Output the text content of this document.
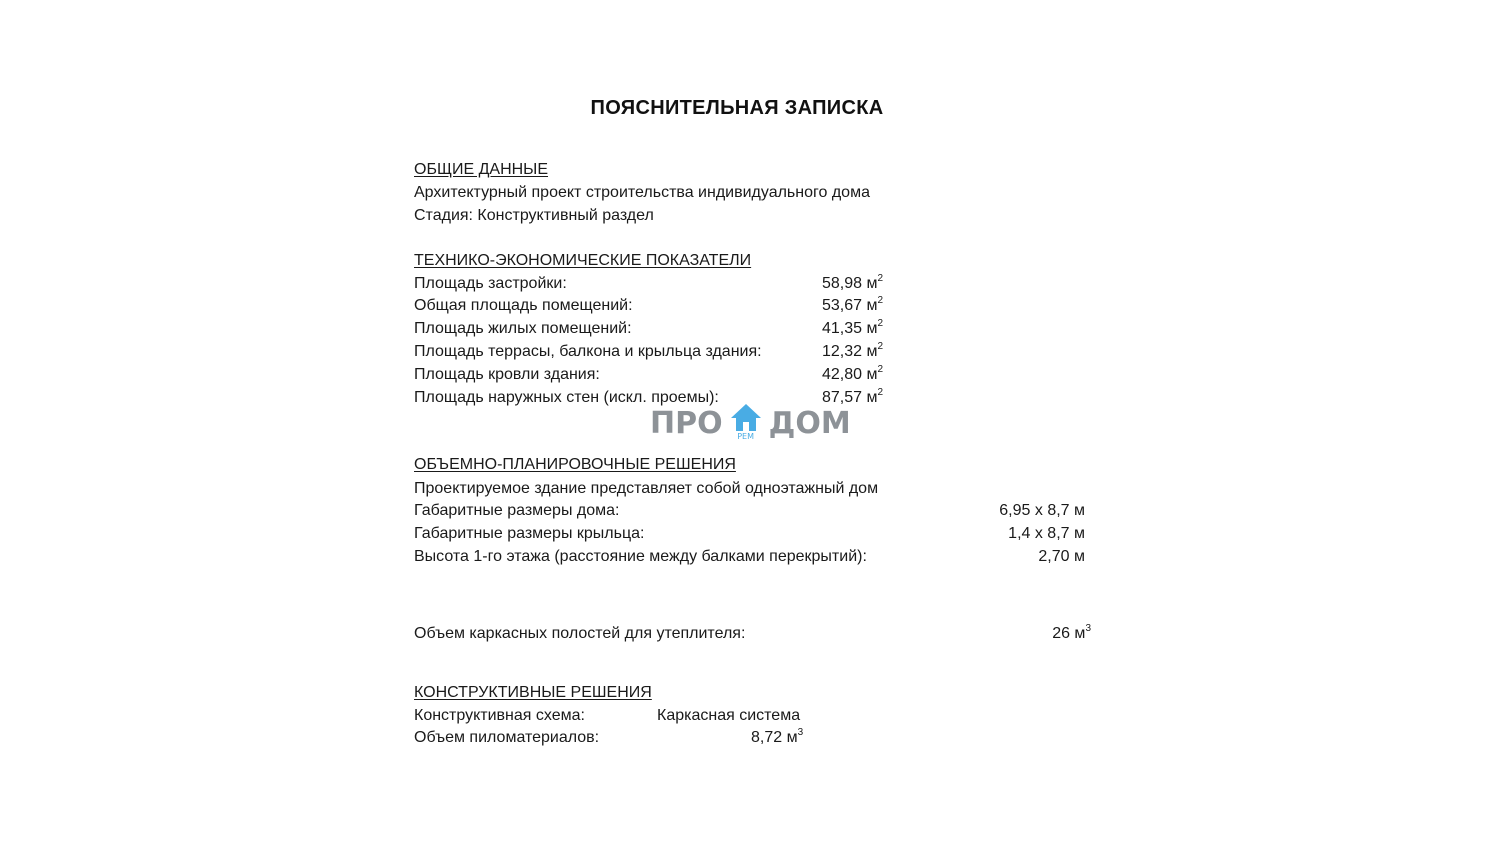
ПОЯСНИТЕЛЬНАЯ ЗАПИСКА
ОБЩИЕ ДАННЫЕ
Архитектурный проект строительства индивидуального дома
Стадия: Конструктивный раздел
ТЕХНИКО-ЭКОНОМИЧЕСКИЕ ПОКАЗАТЕЛИ
Площадь застройки:	58,98 $м^2$
Общая площадь помещений:	53,67 $м^2$
Площадь жилых помещений:	41,35 $м^2$
Площадь террасы, балкона и крыльца здания:	12,32 $м^2$
Площадь кровли здания:	42,80 $м^2$
Площадь наружных стен (искл. проемы):	87,57 $м^2$
ПРО	РЕМ ДОМ
ОБЪЕМНО-ПЛАНИРОВОЧНЫЕ РЕШЕНИЯ
Проектируемое здание представляет собой одноэтажный дом
Габаритные размеры дома:	6,95 х 8,7 м
Габаритные размеры крыльца:	1,4 х 8,7 м
Высота 1-го этажа (расстояние между балками перекрытий):	2,70 м
Объем каркасных полостей для утеплителя:	26 $м^3$
КОНСТРУКТИВНЫЕ РЕШЕНИЯ
Конструктивная схема:	Каркасная система
Объем пиломатериалов:	8,72 $м^3$
